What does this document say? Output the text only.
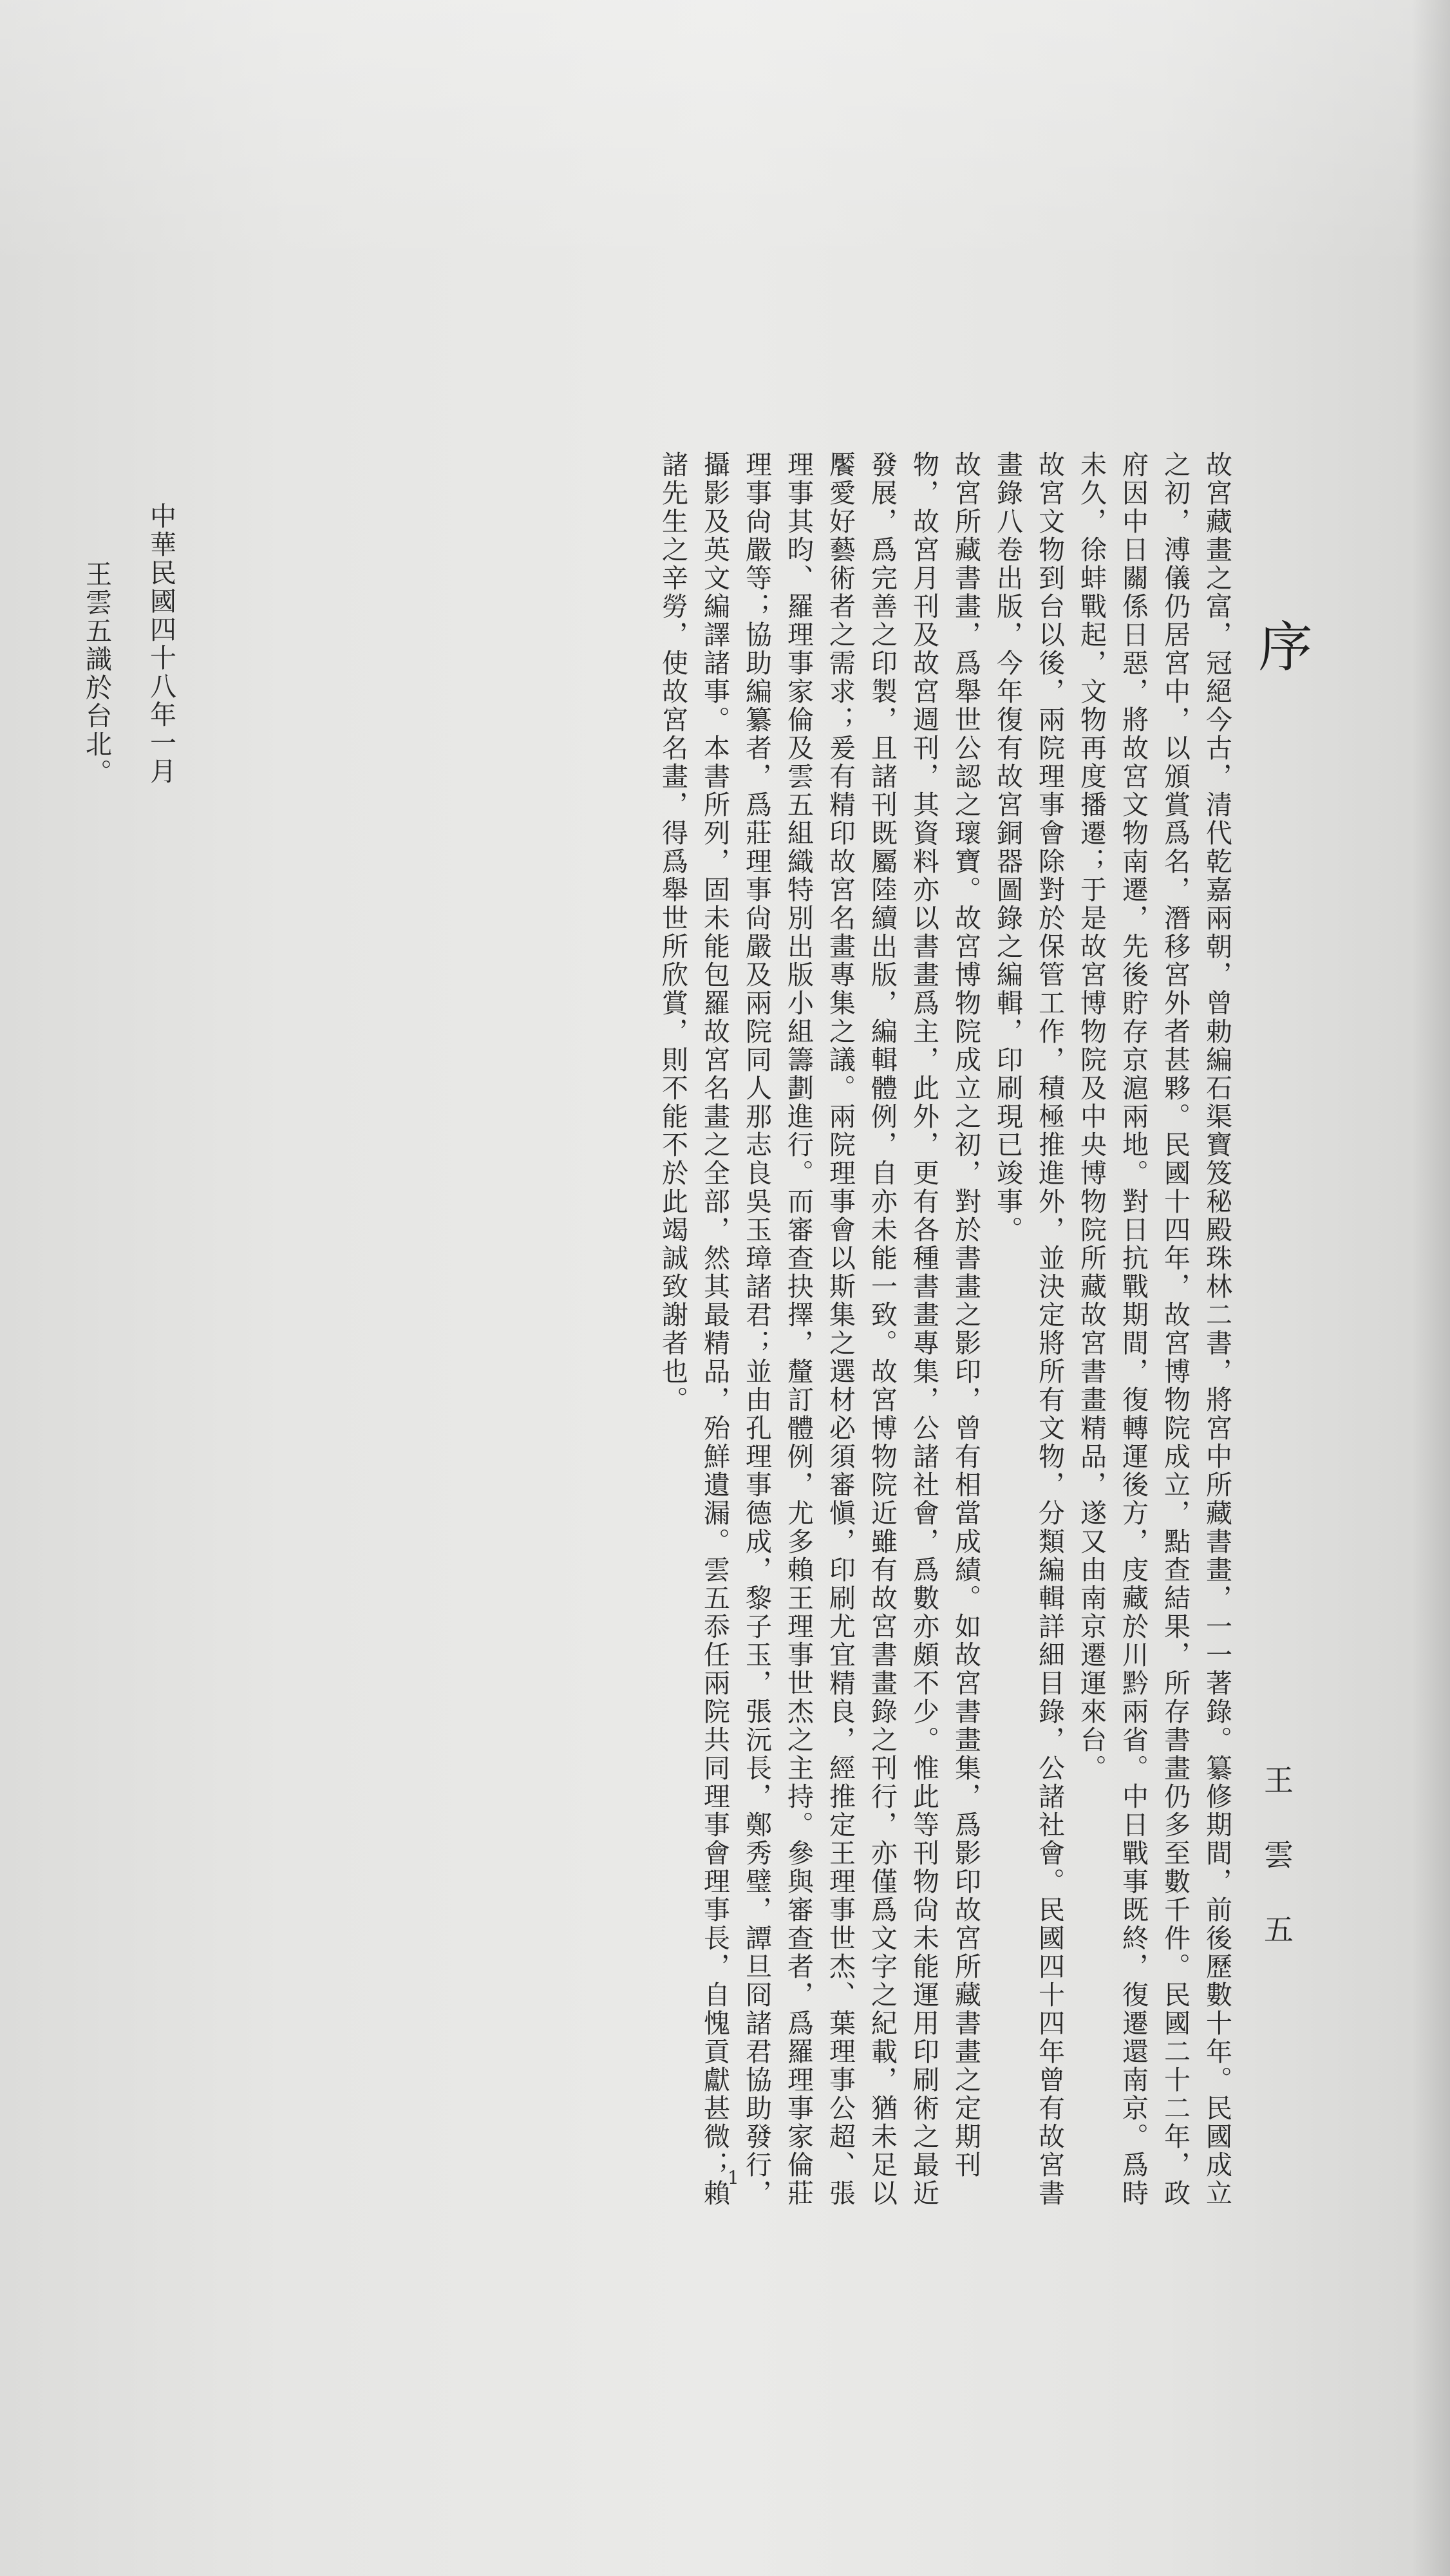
序
王雲五
故宮藏畫之富，冠絕今古，清代乾嘉兩朝，曾勅編石渠寶笈秘殿珠林二書，將宮中所藏書畫，一一著錄。纂修期間，前後歷數十年。民國成立之初，溥儀仍居宮中，以頒賞爲名，潛移宮外者甚夥。民國十四年，故宮博物院成立，點查結果，所存書畫仍多至數千件。民國二十二年，政府因中日關係日惡，將故宮文物南遷，先後貯存京滬兩地。對日抗戰期間，復轉運後方，庋藏於川黔兩省。中日戰事既終，復遷還南京。爲時未久，徐蚌戰起，文物再度播遷；于是故宮博物院及中央博物院所藏故宮書畫精品，遂又由南京遷運來台。
故宮文物到台以後，兩院理事會除對於保管工作，積極推進外，並決定將所有文物，分類編輯詳細目錄，公諸社會。民國四十四年曾有故宮書畫錄八卷出版，今年復有故宮銅器圖錄之編輯，印刷現已竣事。
故宮所藏書畫，爲舉世公認之瓌寶。故宮博物院成立之初，對於書畫之影印，曾有相當成績。如故宮書畫集，爲影印故宮所藏書畫之定期刊物，故宮月刊及故宮週刊，其資料亦以書畫爲主，此外，更有各種書畫專集，公諸社會，爲數亦頗不少。惟此等刊物尙未能運用印刷術之最近發展，爲完善之印製，且諸刊既屬陸續出版，編輯體例，自亦未能一致。故宮博物院近雖有故宮書畫錄之刊行，亦僅爲文字之紀載，猶未足以饜愛好藝術者之需求；爰有精印故宮名畫專集之議。兩院理事會以斯集之選材必須審愼，印刷尤宜精良，經推定王理事世杰、葉理事公超、張理事其昀、羅理事家倫及雲五組織特別出版小組籌劃進行。而審查抉擇，釐訂體例，尤多賴王理事世杰之主持。參與審查者，爲羅理事家倫莊理事尙嚴等；協助編纂者，爲莊理事尙嚴及兩院同人那志良吳玉璋諸君；並由孔理事德成，黎子玉，張沅長，鄭秀璧，譚旦冏諸君協助發行，攝影及英文編譯諸事。本書所列，固未能包羅故宮名畫之全部，然其最精品，殆鮮遺漏。雲五忝任兩院共同理事會理事長，自愧貢獻甚微；賴諸先生之辛勞，使故宮名畫，得爲舉世所欣賞，則不能不於此竭誠致謝者也。
中華民國四十八年一月
王雲五識於台北。
1
